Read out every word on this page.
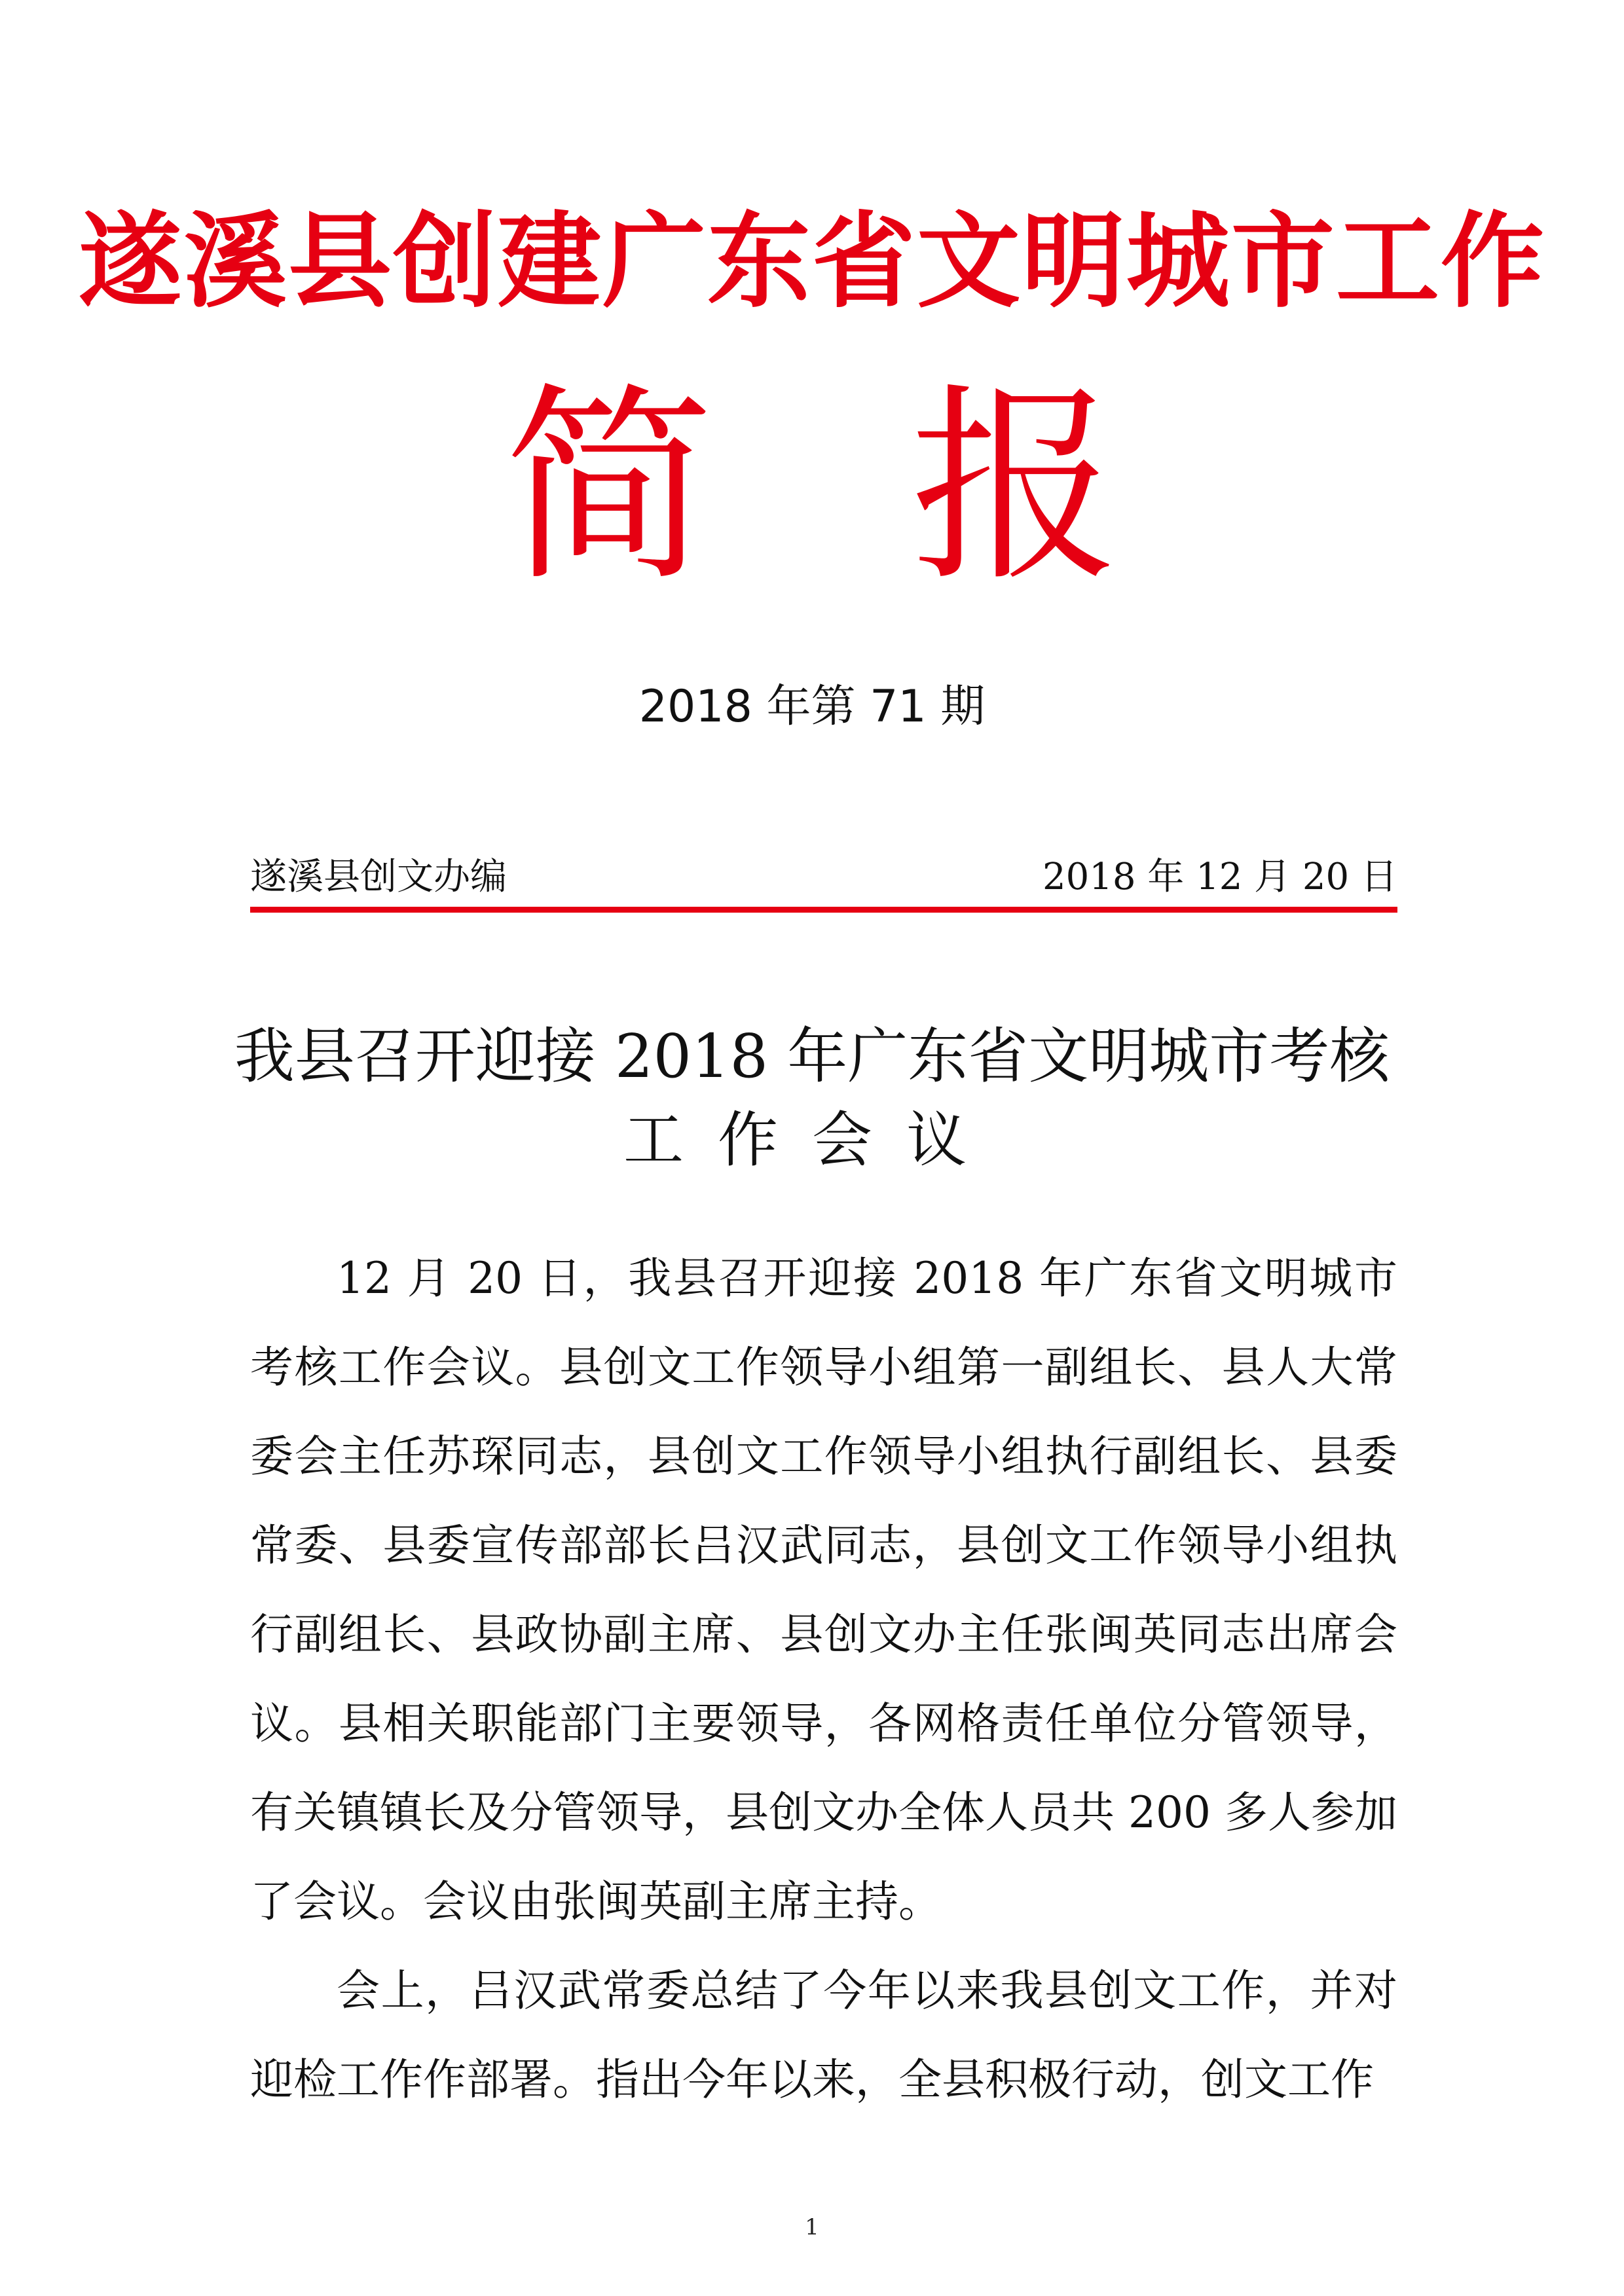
遂溪县创建广东省文明城市工作
简 报
2018 年第 71 期
遂溪县创文办编	2018 年 12 月 20 日
我县召开迎接 2018 年广东省文明城市考核
工作会议

12 月 20 日，我县召开迎接 2018 年广东省文明城市考核工作会议。县创文工作领导小组第一副组长、县人大常委会主任苏琛同志，县创文工作领导小组执行副组长、县委常委、县委宣传部部长吕汉武同志，县创文工作领导小组执行副组长、县政协副主席、县创文办主任张闽英同志出席会议。县相关职能部门主要领导，各网格责任单位分管领导，有关镇镇长及分管领导，县创文办全体人员共 200 多人参加了会议。会议由张闽英副主席主持。

会上，吕汉武常委总结了今年以来我县创文工作，并对迎检工作作部署。指出今年以来，全县积极行动，创文工作

1
